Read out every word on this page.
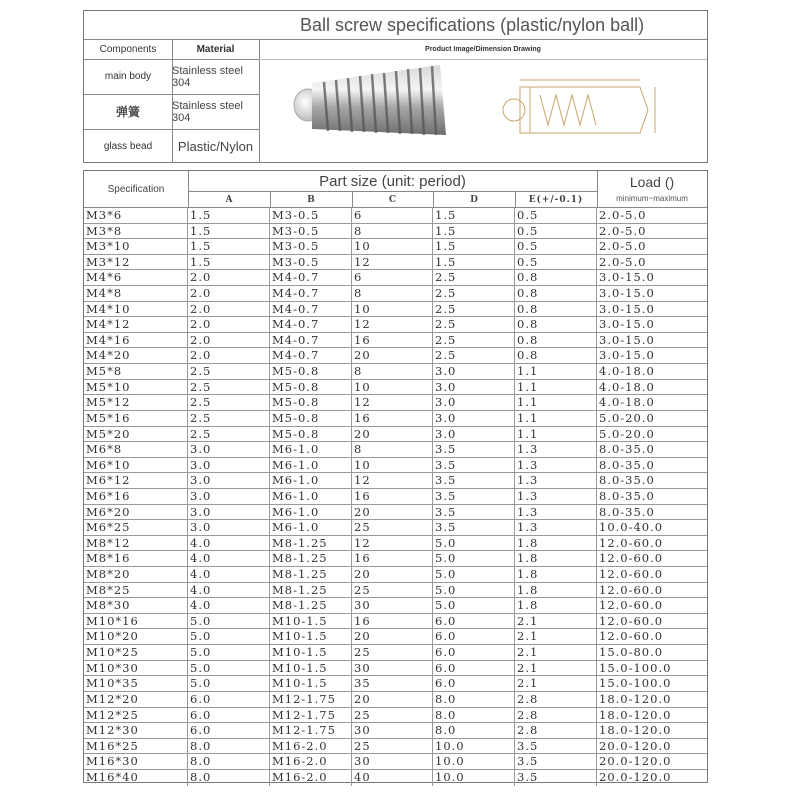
Ball screw specifications (plastic/nylon ball)
Components	Material	Product Image/Dimension Drawing
main body	Stainless steel 304
弹簧	Stainless steel 304
glass bead	Plastic/Nylon
Specification	Part size (unit: period)	Load ()
minimum~maximum
A	B	C	D	E(+/-0.1)
M3*6	1.5	M3-0.5	6	1.5	0.5	2.0-5.0
M3*8	1.5	M3-0.5	8	1.5	0.5	2.0-5.0
M3*10	1.5	M3-0.5	10	1.5	0.5	2.0-5.0
M3*12	1.5	M3-0.5	12	1.5	0.5	2.0-5.0
M4*6	2.0	M4-0.7	6	2.5	0.8	3.0-15.0
M4*8	2.0	M4-0.7	8	2.5	0.8	3.0-15.0
M4*10	2.0	M4-0.7	10	2.5	0.8	3.0-15.0
M4*12	2.0	M4-0.7	12	2.5	0.8	3.0-15.0
M4*16	2.0	M4-0.7	16	2.5	0.8	3.0-15.0
M4*20	2.0	M4-0.7	20	2.5	0.8	3.0-15.0
M5*8	2.5	M5-0.8	8	3.0	1.1	4.0-18.0
M5*10	2.5	M5-0.8	10	3.0	1.1	4.0-18.0
M5*12	2.5	M5-0.8	12	3.0	1.1	4.0-18.0
M5*16	2.5	M5-0.8	16	3.0	1.1	5.0-20.0
M5*20	2.5	M5-0.8	20	3.0	1.1	5.0-20.0
M6*8	3.0	M6-1.0	8	3.5	1.3	8.0-35.0
M6*10	3.0	M6-1.0	10	3.5	1.3	8.0-35.0
M6*12	3.0	M6-1.0	12	3.5	1.3	8.0-35.0
M6*16	3.0	M6-1.0	16	3.5	1.3	8.0-35.0
M6*20	3.0	M6-1.0	20	3.5	1.3	8.0-35.0
M6*25	3.0	M6-1.0	25	3.5	1.3	10.0-40.0
M8*12	4.0	M8-1.25	12	5.0	1.8	12.0-60.0
M8*16	4.0	M8-1.25	16	5.0	1.8	12.0-60.0
M8*20	4.0	M8-1.25	20	5.0	1.8	12.0-60.0
M8*25	4.0	M8-1.25	25	5.0	1.8	12.0-60.0
M8*30	4.0	M8-1.25	30	5.0	1.8	12.0-60.0
M10*16	5.0	M10-1.5	16	6.0	2.1	12.0-60.0
M10*20	5.0	M10-1.5	20	6.0	2.1	12.0-60.0
M10*25	5.0	M10-1.5	25	6.0	2.1	15.0-80.0
M10*30	5.0	M10-1.5	30	6.0	2.1	15.0-100.0
M10*35	5.0	M10-1.5	35	6.0	2.1	15.0-100.0
M12*20	6.0	M12-1.75	20	8.0	2.8	18.0-120.0
M12*25	6.0	M12-1.75	25	8.0	2.8	18.0-120.0
M12*30	6.0	M12-1.75	30	8.0	2.8	18.0-120.0
M16*25	8.0	M16-2.0	25	10.0	3.5	20.0-120.0
M16*30	8.0	M16-2.0	30	10.0	3.5	20.0-120.0
M16*40	8.0	M16-2.0	40	10.0	3.5	20.0-120.0
